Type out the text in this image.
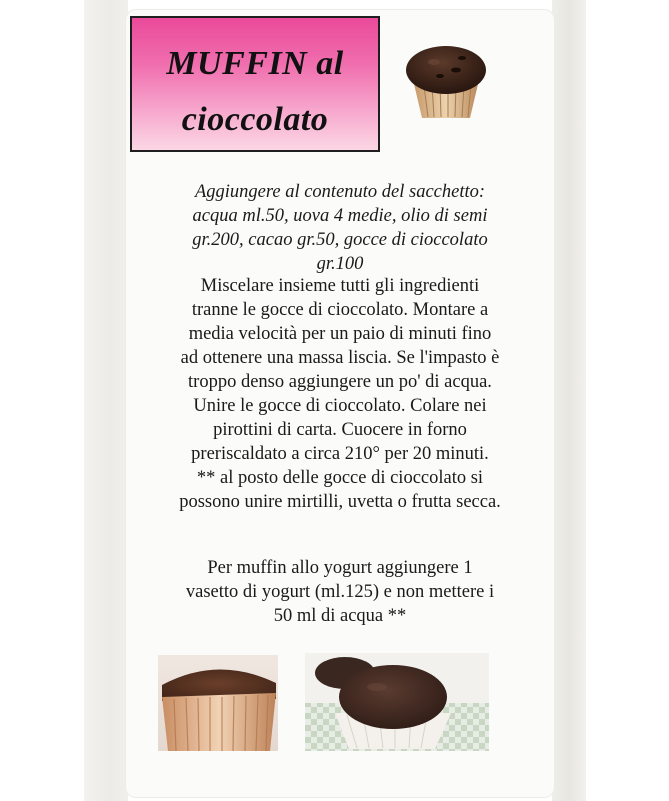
MUFFIN al
cioccolato
Aggiungere al contenuto del sacchetto:
acqua ml.50, uova 4 medie, olio di semi
gr.200, cacao gr.50, gocce di cioccolato
gr.100
Miscelare insieme tutti gli ingredienti
tranne le gocce di cioccolato. Montare a
media velocità per un paio di minuti fino
ad ottenere una massa liscia. Se l'impasto è
troppo denso aggiungere un po' di acqua.
Unire le gocce di cioccolato. Colare nei
pirottini di carta. Cuocere in forno
preriscaldato a circa 210° per 20 minuti.
** al posto delle gocce di cioccolato si
possono unire mirtilli, uvetta o frutta secca.
Per muffin allo yogurt aggiungere 1
vasetto di yogurt (ml.125) e non mettere i
50 ml di acqua **
